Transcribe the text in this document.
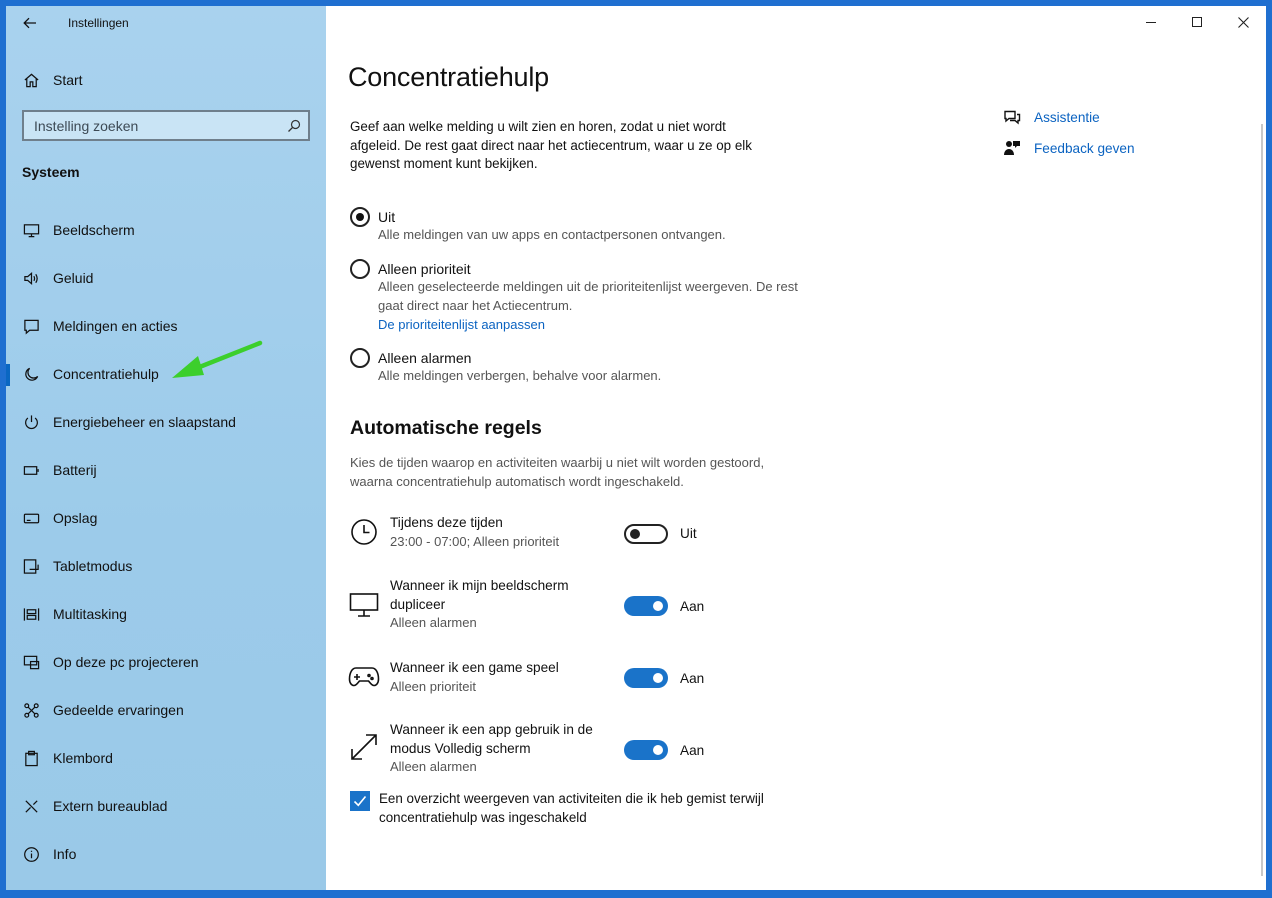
Instellingen
Start
Instelling zoeken
Systeem
Beeldscherm
Geluid
Meldingen en acties
Concentratiehulp
Energiebeheer en slaapstand
Batterij
Opslag
Tabletmodus
Multitasking
Op deze pc projecteren
Gedeelde ervaringen
Klembord
Extern bureaublad
Info
Concentratiehulp

Geef aan welke melding u wilt zien en horen, zodat u niet wordt afgeleid. De rest gaat direct naar het actiecentrum, waar u ze op elk gewenst moment kunt bekijken.

Uit
Alle meldingen van uw apps en contactpersonen ontvangen.
Alleen prioriteit
Alleen geselecteerde meldingen uit de prioriteitenlijst weergeven. De rest gaat direct naar het Actiecentrum.
De prioriteitenlijst aanpassen
Alleen alarmen
Alle meldingen verbergen, behalve voor alarmen.
Automatische regels

Kies de tijden waarop en activiteiten waarbij u niet wilt worden gestoord, waarna concentratiehulp automatisch wordt ingeschakeld.

Tijdens deze tijden
23:00 - 07:00; Alleen prioriteit	Uit
Wanneer ik mijn beeldscherm dupliceer
Alleen alarmen
Aan
Wanneer ik een game speel
Alleen prioriteit	Aan
Wanneer ik een app gebruik in de modus Volledig scherm
Alleen alarmen
Aan
Een overzicht weergeven van activiteiten die ik heb gemist terwijl concentratiehulp was ingeschakeld
Assistentie
Feedback geven
